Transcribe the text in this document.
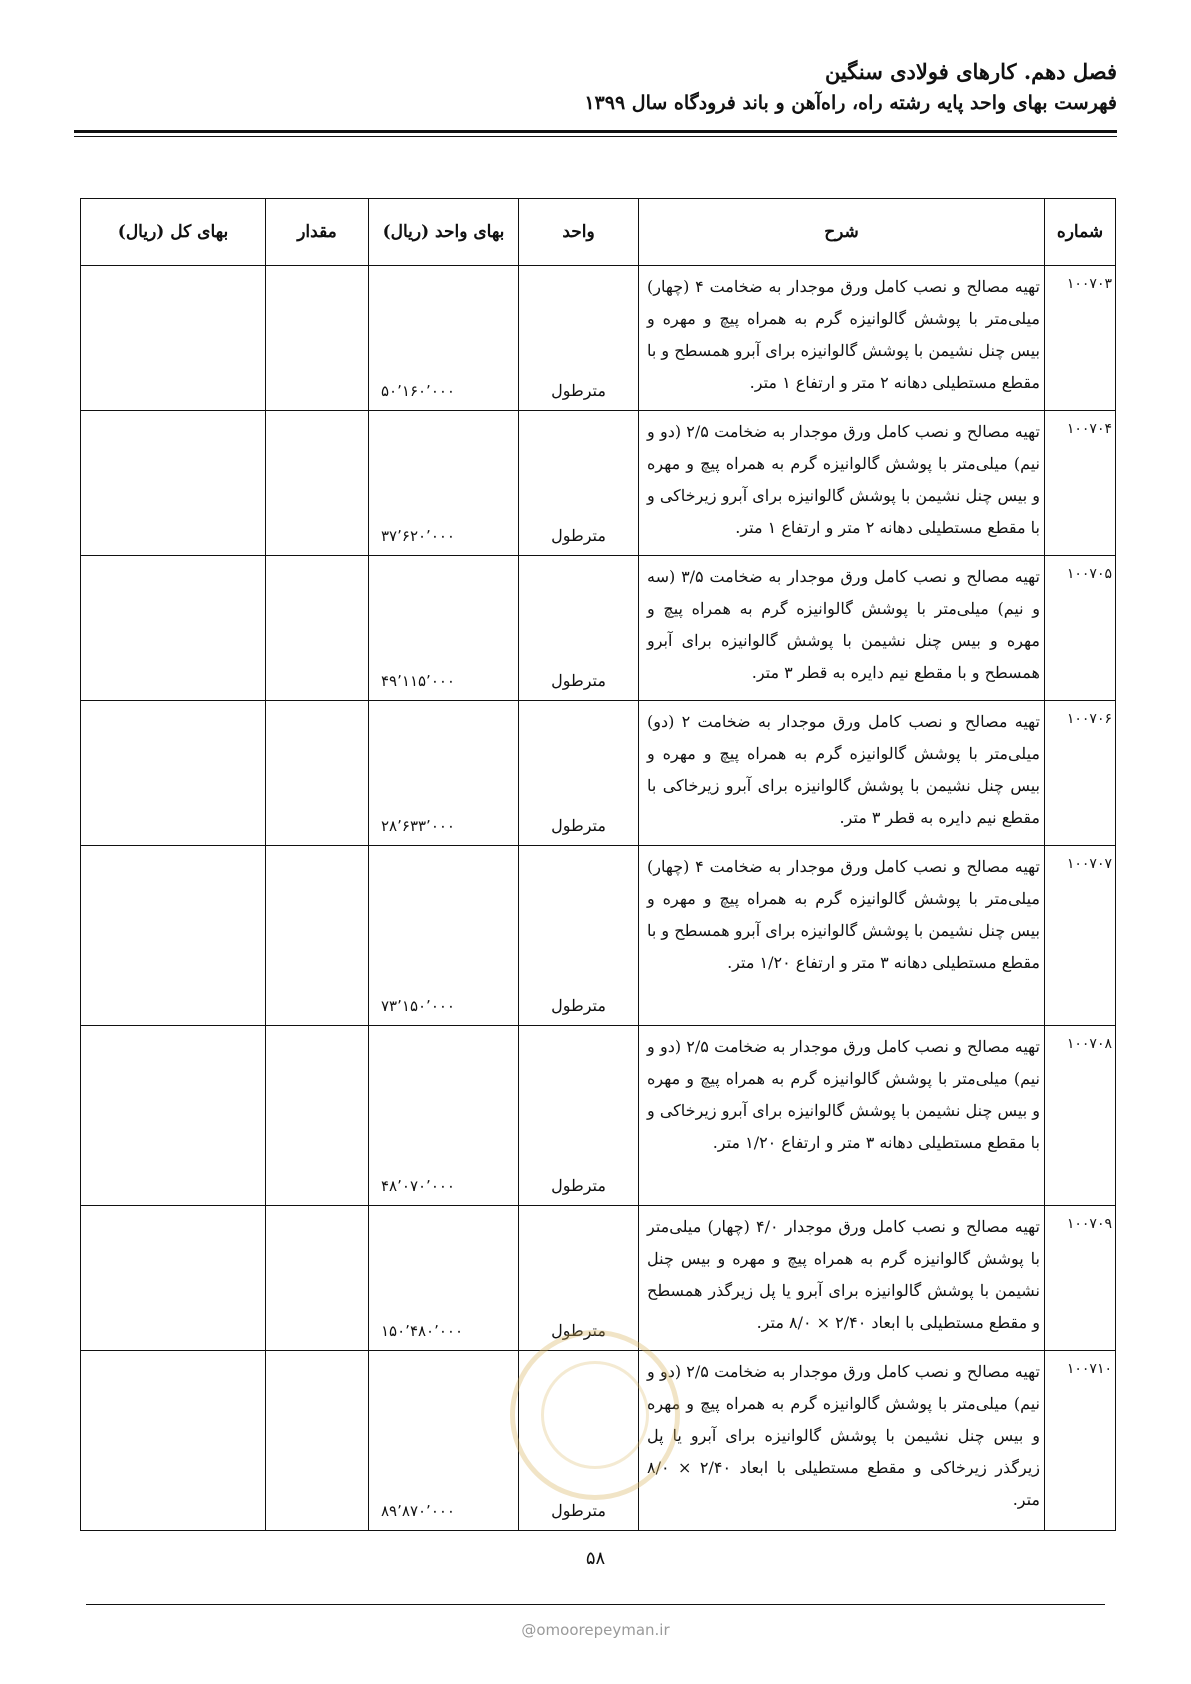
فصل دهم. کارهای فولادی سنگین
فهرست بهای واحد پایه رشته راه، راه‌آهن و باند فرودگاه سال ۱۳۹۹
شماره	شرح	واحد	بهای واحد (ریال)	مقدار	بهای کل (ریال)
۱۰۰۷۰۳	تهیه مصالح و نصب کامل ورق موجدار به ضخامت ۴ (چهار) میلی‌متر با پوشش گالوانیزه گرم به همراه پیچ و مهره و بیس چنل نشیمن با پوشش گالوانیزه برای آبرو همسطح و با مقطع مستطیلی دهانه ۲ متر و ارتفاع ۱ متر.	مترطول	۵۰٬۱۶۰٬۰۰۰		
۱۰۰۷۰۴	تهیه مصالح و نصب کامل ورق موجدار به ضخامت ۲/۵ (دو و نیم) میلی‌متر با پوشش گالوانیزه گرم به همراه پیچ و مهره و بیس چنل نشیمن با پوشش گالوانیزه برای آبرو زیرخاکی و با مقطع مستطیلی دهانه ۲ متر و ارتفاع ۱ متر.	مترطول	۳۷٬۶۲۰٬۰۰۰		
۱۰۰۷۰۵	تهیه مصالح و نصب کامل ورق موجدار به ضخامت ۳/۵ (سه و نیم) میلی‌متر با پوشش گالوانیزه گرم به همراه پیچ و مهره و بیس چنل نشیمن با پوشش گالوانیزه برای آبرو همسطح و با مقطع نیم دایره به قطر ۳ متر.	مترطول	۴۹٬۱۱۵٬۰۰۰		
۱۰۰۷۰۶	تهیه مصالح و نصب کامل ورق موجدار به ضخامت ۲ (دو) میلی‌متر با پوشش گالوانیزه گرم به همراه پیچ و مهره و بیس چنل نشیمن با پوشش گالوانیزه برای آبرو زیرخاکی با مقطع نیم دایره به قطر ۳ متر.	مترطول	۲۸٬۶۳۳٬۰۰۰		
۱۰۰۷۰۷	تهیه مصالح و نصب کامل ورق موجدار به ضخامت ۴ (چهار) میلی‌متر با پوشش گالوانیزه گرم به همراه پیچ و مهره و بیس چنل نشیمن با پوشش گالوانیزه برای آبرو همسطح و با مقطع مستطیلی دهانه ۳ متر و ارتفاع ۱/۲۰ متر.	مترطول	۷۳٬۱۵۰٬۰۰۰		
۱۰۰۷۰۸	تهیه مصالح و نصب کامل ورق موجدار به ضخامت ۲/۵ (دو و نیم) میلی‌متر با پوشش گالوانیزه گرم به همراه پیچ و مهره و بیس چنل نشیمن با پوشش گالوانیزه برای آبرو زیرخاکی و با مقطع مستطیلی دهانه ۳ متر و ارتفاع ۱/۲۰ متر.	مترطول	۴۸٬۰۷۰٬۰۰۰		
۱۰۰۷۰۹	تهیه مصالح و نصب کامل ورق موجدار ۴/۰ (چهار) میلی‌متر با پوشش گالوانیزه گرم به همراه پیچ و مهره و بیس چنل نشیمن با پوشش گالوانیزه برای آبرو یا پل زیرگذر همسطح و مقطع مستطیلی با ابعاد ۲/۴۰ × ۸/۰ متر.	مترطول	۱۵۰٬۴۸۰٬۰۰۰		
۱۰۰۷۱۰	تهیه مصالح و نصب کامل ورق موجدار به ضخامت ۲/۵ (دو و نیم) میلی‌متر با پوشش گالوانیزه گرم به همراه پیچ و مهره و بیس چنل نشیمن با پوشش گالوانیزه برای آبرو یا پل زیرگذر زیرخاکی و مقطع مستطیلی با ابعاد ۲/۴۰ × ۸/۰ متر.	مترطول	۸۹٬۸۷۰٬۰۰۰		
۵۸
@omoorepeyman.ir
